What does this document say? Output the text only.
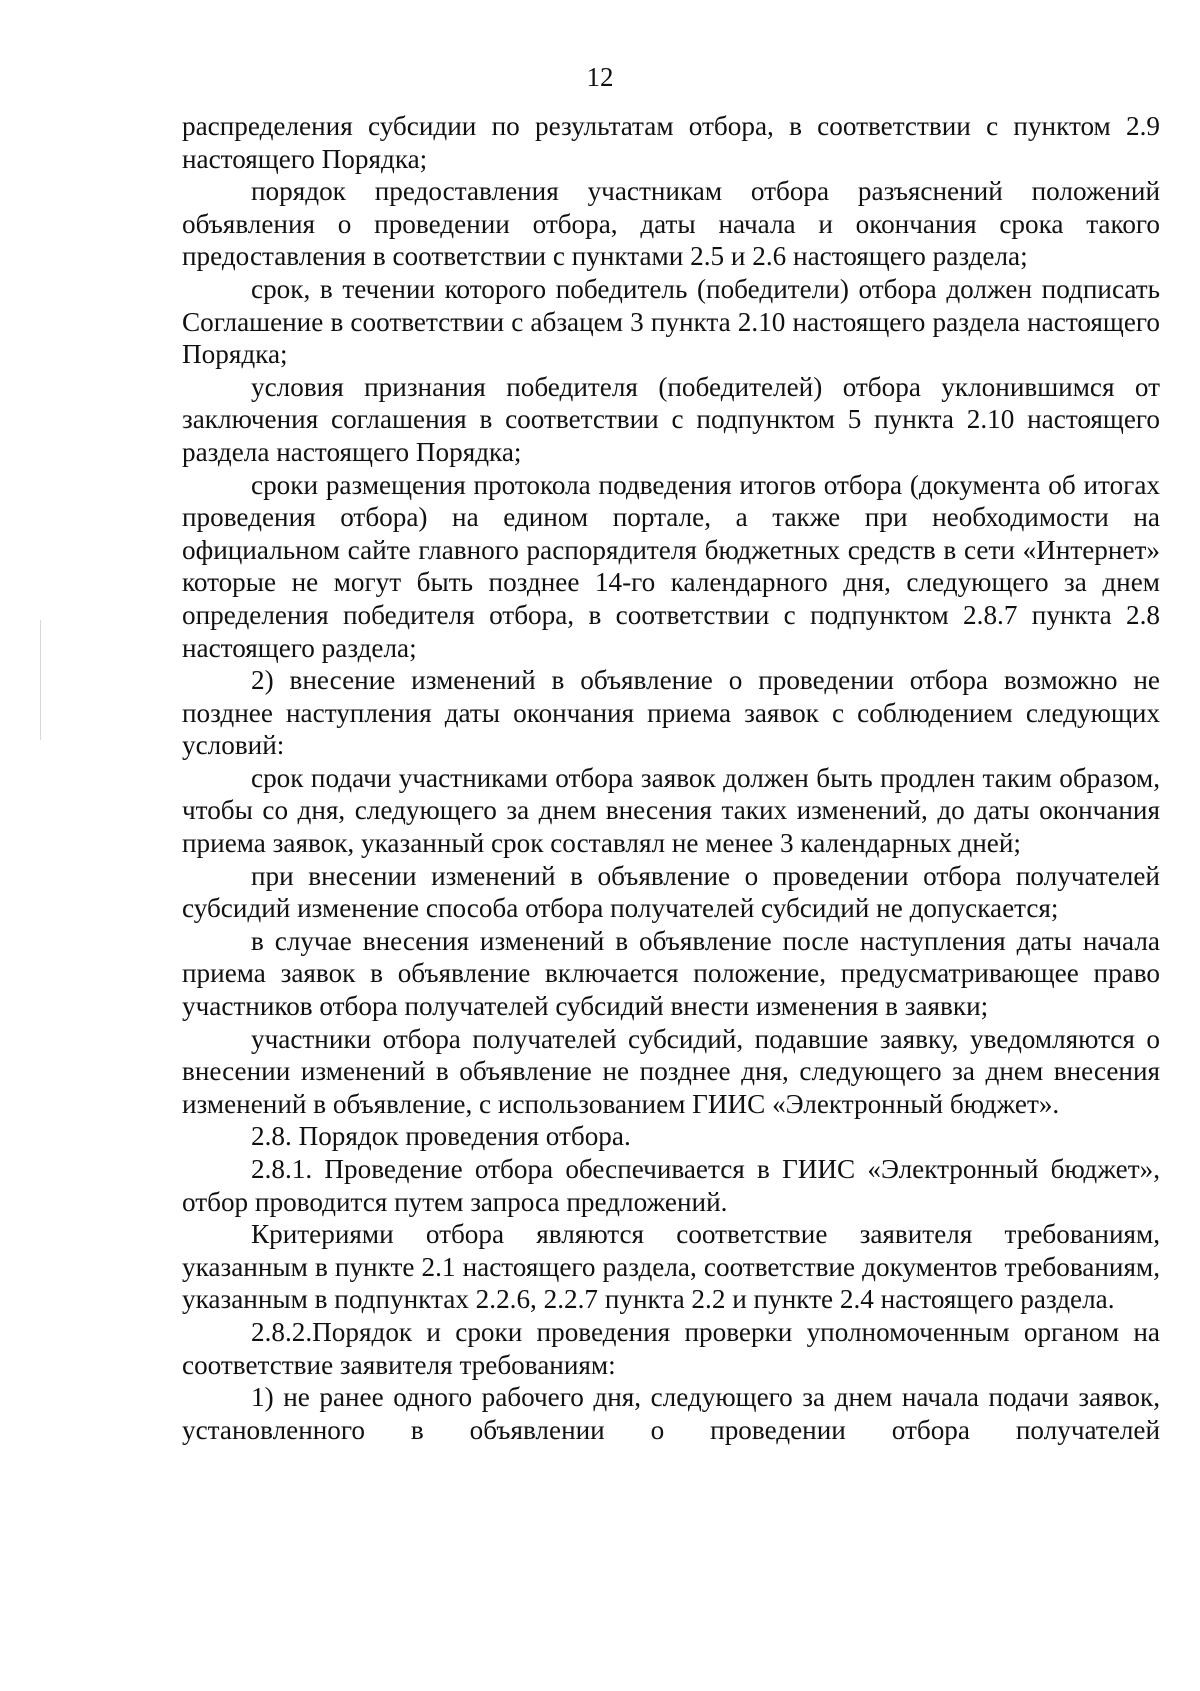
12

распределения субсидии по результатам отбора, в соответствии с пунктом 2.9 настоящего Порядка;

порядок предоставления участникам отбора разъяснений положений объявления о проведении отбора, даты начала и окончания срока такого предоставления в соответствии с пунктами 2.5 и 2.6 настоящего раздела;

срок, в течении которого победитель (победители) отбора должен подписать Соглашение в соответствии с абзацем 3 пункта 2.10 настоящего раздела настоящего Порядка;

условия признания победителя (победителей) отбора уклонившимся от заключения соглашения в соответствии с подпунктом 5 пункта 2.10 настоящего раздела настоящего Порядка;

сроки размещения протокола подведения итогов отбора (документа об итогах проведения отбора) на едином портале, а также при необходимости на официальном сайте главного распорядителя бюджетных средств в сети «Интернет» которые не могут быть позднее 14-го календарного дня, следующего за днем определения победителя отбора, в соответствии с подпунктом 2.8.7 пункта 2.8 настоящего раздела;

2) внесение изменений в объявление о проведении отбора возможно не позднее наступления даты окончания приема заявок с соблюдением следующих условий:

срок подачи участниками отбора заявок должен быть продлен таким образом, чтобы со дня, следующего за днем внесения таких изменений, до даты окончания приема заявок, указанный срок составлял не менее 3 календарных дней;

при внесении изменений в объявление о проведении отбора получателей субсидий изменение способа отбора получателей субсидий не допускается;

в случае внесения изменений в объявление после наступления даты начала приема заявок в объявление включается положение, предусматривающее право участников отбора получателей субсидий внести изменения в заявки;

участники отбора получателей субсидий, подавшие заявку, уведомляются о внесении изменений в объявление не позднее дня, следующего за днем внесения изменений в объявление, с использованием ГИИС «Электронный бюджет».

2.8. Порядок проведения отбора.

2.8.1. Проведение отбора обеспечивается в ГИИС «Электронный бюджет», отбор проводится путем запроса предложений.

Критериями отбора являются соответствие заявителя требованиям, указанным в пункте 2.1 настоящего раздела, соответствие документов требованиям, указанным в подпунктах 2.2.6, 2.2.7 пункта 2.2 и пункте 2.4 настоящего раздела.

2.8.2.Порядок и сроки проведения проверки уполномоченным органом на соответствие заявителя требованиям:

1) не ранее одного рабочего дня, следующего за днем начала подачи заявок, установленного в объявлении о проведении отбора получателей
